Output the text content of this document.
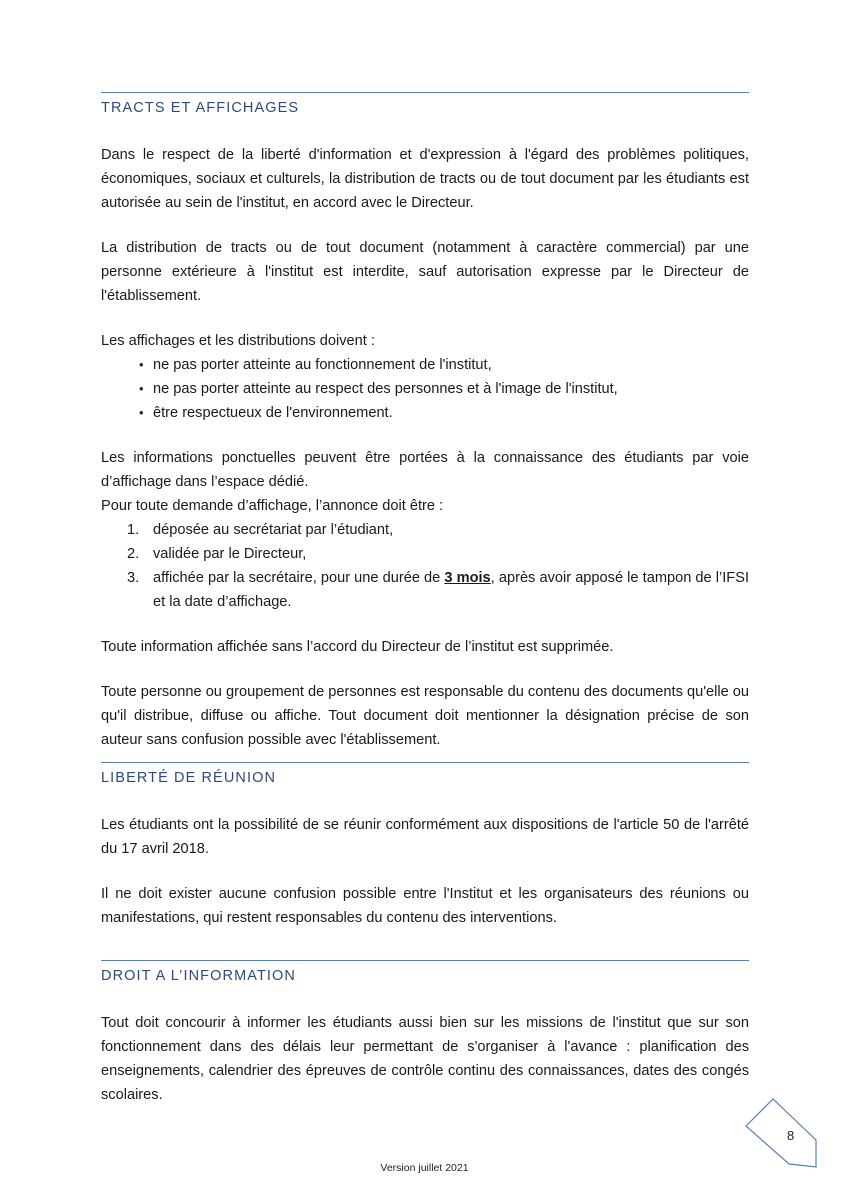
TRACTS ET AFFICHAGES

Dans le respect de la liberté d'information et d'expression à l'égard des problèmes politiques, économiques, sociaux et culturels, la distribution de tracts ou de tout document par les étudiants est autorisée au sein de l'institut, en accord avec le Directeur.

La distribution de tracts ou de tout document (notamment à caractère commercial) par une personne extérieure à l'institut est interdite, sauf autorisation expresse par le Directeur de l'établissement.

Les affichages et les distributions doivent :

• ne pas porter atteinte au fonctionnement de l'institut,
• ne pas porter atteinte au respect des personnes et à l'image de l'institut,
• être respectueux de l'environnement.

Les informations ponctuelles peuvent être portées à la connaissance des étudiants par voie d’affichage dans l’espace dédié.

Pour toute demande d’affichage, l’annonce doit être :

1. déposée au secrétariat par l’étudiant,
2. validée par le Directeur,
3. affichée par la secrétaire, pour une durée de 3 mois, après avoir apposé le tampon de l’IFSI et la date d’affichage.

Toute information affichée sans l’accord du Directeur de l’institut est supprimée.

Toute personne ou groupement de personnes est responsable du contenu des documents qu'elle ou qu'il distribue, diffuse ou affiche. Tout document doit mentionner la désignation précise de son auteur sans confusion possible avec l'établissement.

LIBERTÉ DE RÉUNION

Les étudiants ont la possibilité de se réunir conformément aux dispositions de l'article 50 de l'arrêté du 17 avril 2018.

Il ne doit exister aucune confusion possible entre l'Institut et les organisateurs des réunions ou manifestations, qui restent responsables du contenu des interventions.

DROIT A L’INFORMATION

Tout doit concourir à informer les étudiants aussi bien sur les missions de l'institut que sur son fonctionnement dans des délais leur permettant de s'organiser à l'avance : planification des enseignements, calendrier des épreuves de contrôle continu des connaissances, dates des congés scolaires.

8
Version juillet 2021
